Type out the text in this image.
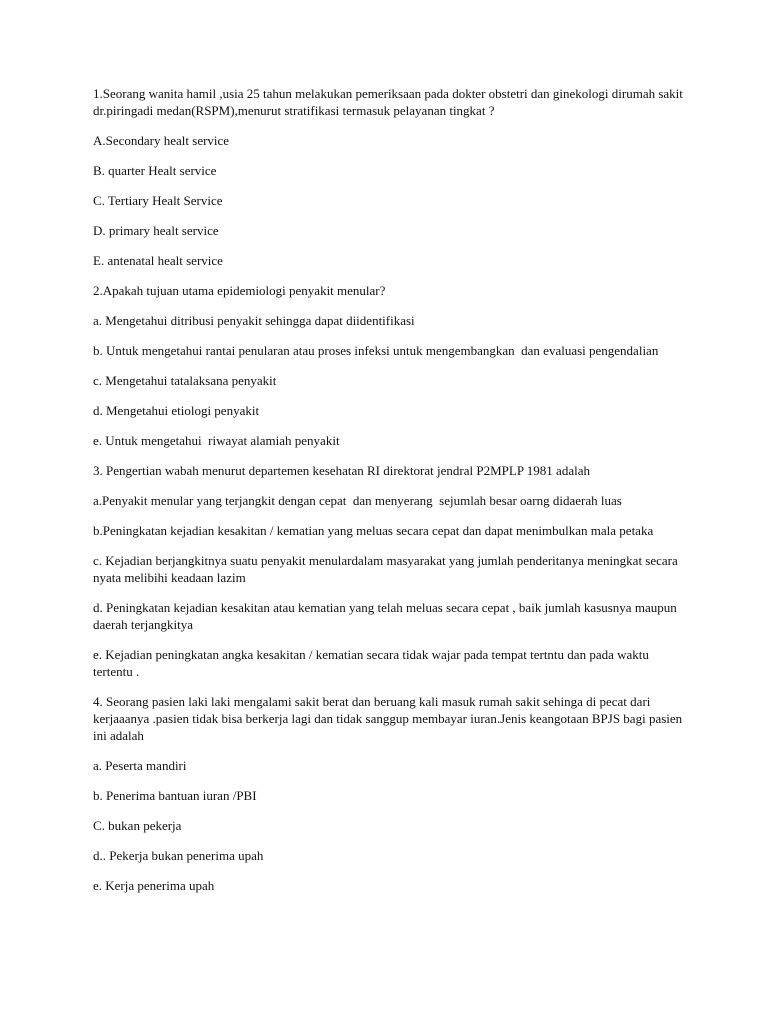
1.Seorang wanita hamil ,usia 25 tahun melakukan pemeriksaan pada dokter obstetri dan ginekologi dirumah sakit dr.piringadi medan(RSPM),menurut stratifikasi termasuk pelayanan tingkat ?

A.Secondary healt service

B. quarter Healt service

C. Tertiary Healt Service

D. primary healt service

E. antenatal healt service

2.Apakah tujuan utama epidemiologi penyakit menular?

a. Mengetahui ditribusi penyakit sehingga dapat diidentifikasi

b. Untuk mengetahui rantai penularan atau proses infeksi untuk mengembangkan  dan evaluasi pengendalian

c. Mengetahui tatalaksana penyakit

d. Mengetahui etiologi penyakit

e. Untuk mengetahui  riwayat alamiah penyakit

3. Pengertian wabah menurut departemen kesehatan RI direktorat jendral P2MPLP 1981 adalah

a.Penyakit menular yang terjangkit dengan cepat  dan menyerang  sejumlah besar oarng didaerah luas

b.Peningkatan kejadian kesakitan / kematian yang meluas secara cepat dan dapat menimbulkan mala petaka

c. Kejadian berjangkitnya suatu penyakit menulardalam masyarakat yang jumlah penderitanya meningkat secara nyata melibihi keadaan lazim

d. Peningkatan kejadian kesakitan atau kematian yang telah meluas secara cepat , baik jumlah kasusnya maupun daerah terjangkitya

e. Kejadian peningkatan angka kesakitan / kematian secara tidak wajar pada tempat tertntu dan pada waktu tertentu .

4. Seorang pasien laki laki mengalami sakit berat dan beruang kali masuk rumah sakit sehinga di pecat dari kerjaaanya .pasien tidak bisa berkerja lagi dan tidak sanggup membayar iuran.Jenis keangotaan BPJS bagi pasien ini adalah

a. Peserta mandiri

b. Penerima bantuan iuran /PBI

C. bukan pekerja

d.. Pekerja bukan penerima upah

e. Kerja penerima upah
